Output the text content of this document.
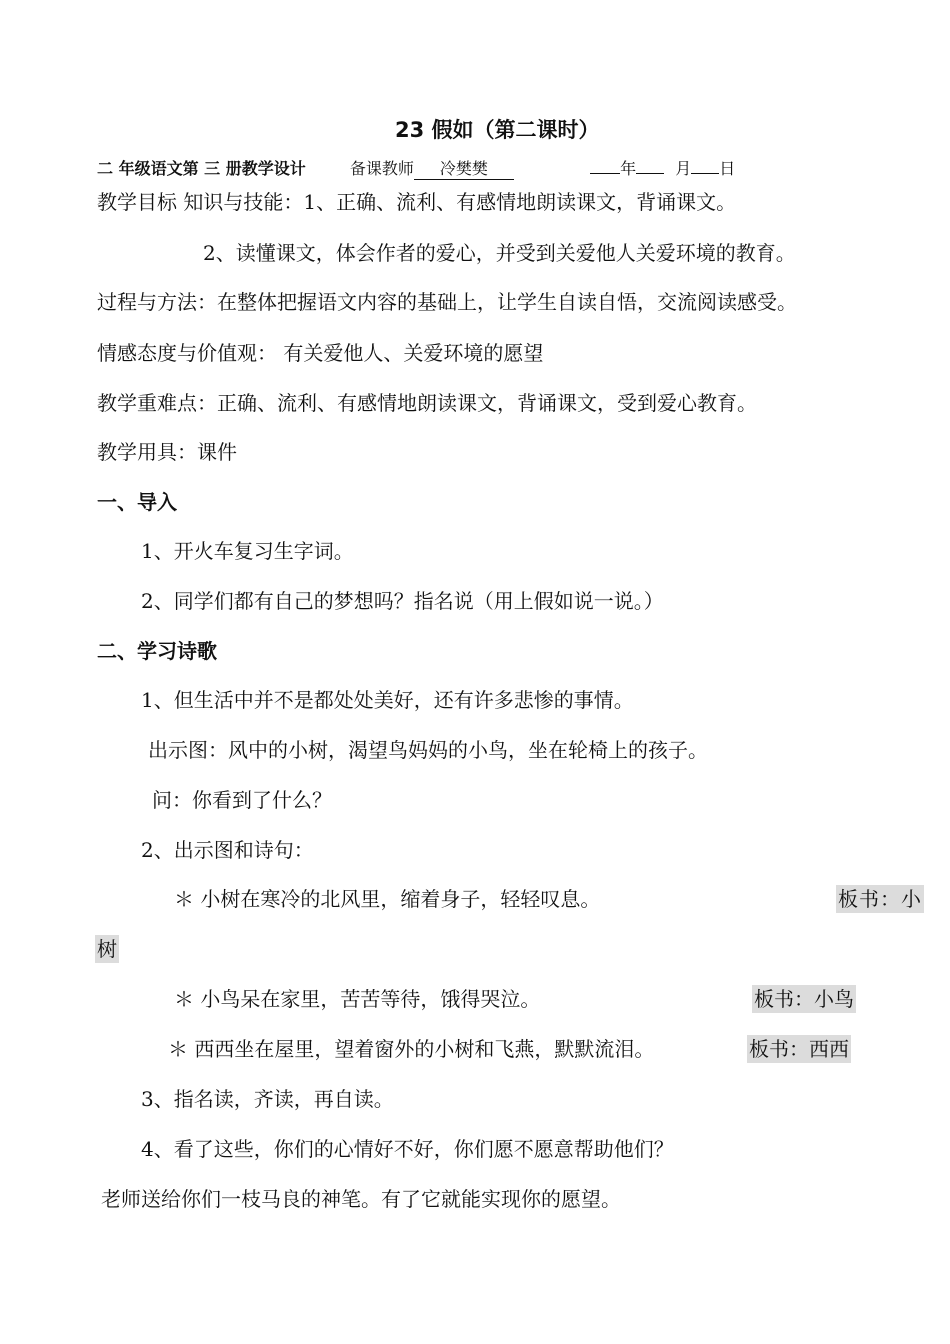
23 假如（第二课时）
二 年级语文第 三 册教学设计	备课教师 冷樊樊	年 月 日
教学目标 知识与技能：1、正确、流利、有感情地朗读课文，背诵课文。
2、读懂课文，体会作者的爱心，并受到关爱他人关爱环境的教育。
过程与方法：在整体把握语文内容的基础上，让学生自读自悟，交流阅读感受。
情感态度与价值观： 有关爱他人、关爱环境的愿望
教学重难点：正确、流利、有感情地朗读课文，背诵课文，受到爱心教育。
教学用具：课件
一、导入
1、开火车复习生字词。
2、同学们都有自己的梦想吗？指名说（用上假如说一说。）
二、学习诗歌
1、但生活中并不是都处处美好，还有许多悲惨的事情。
出示图：风中的小树，渴望鸟妈妈的小鸟，坐在轮椅上的孩子。
问：你看到了什么？
2、出示图和诗句：
＊ 小树在寒冷的北风里，缩着身子，轻轻叹息。	板书：小
树
＊ 小鸟呆在家里，苦苦等待，饿得哭泣。	板书：小鸟
＊ 西西坐在屋里，望着窗外的小树和飞燕，默默流泪。	板书：西西
3、指名读，齐读，再自读。
4、看了这些，你们的心情好不好，你们愿不愿意帮助他们？
老师送给你们一枝马良的神笔。有了它就能实现你的愿望。
